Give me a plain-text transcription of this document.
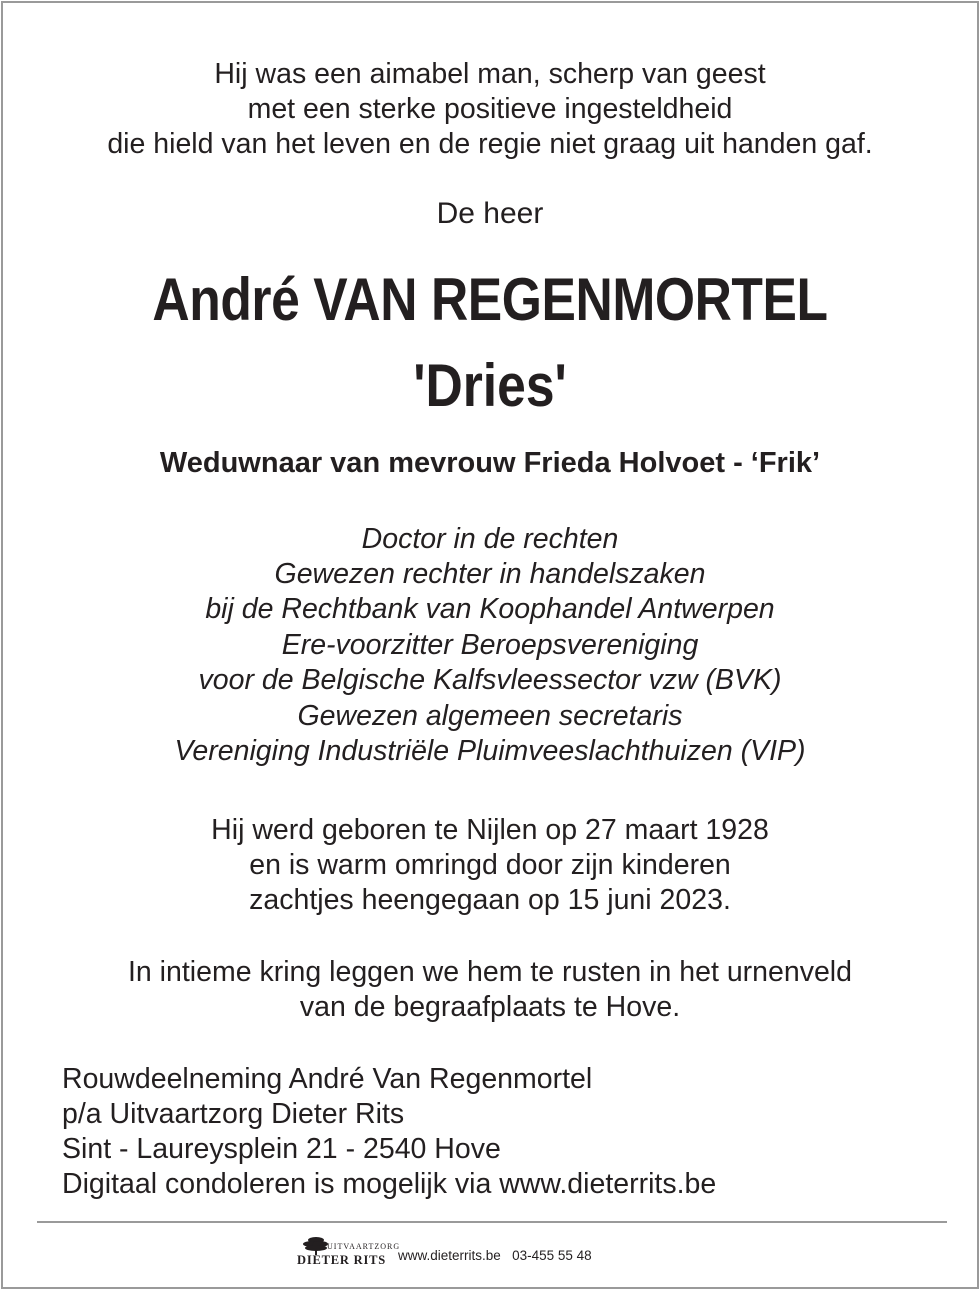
Hij was een aimabel man, scherp van geest
met een sterke positieve ingesteldheid
die hield van het leven en de regie niet graag uit handen gaf.
De heer
André VAN REGENMORTEL
'Dries'
Weduwnaar van mevrouw Frieda Holvoet - ‘Frik’
Doctor in de rechten
Gewezen rechter in handelszaken
bij de Rechtbank van Koophandel Antwerpen
Ere-voorzitter Beroepsvereniging
voor de Belgische Kalfsvleessector vzw (BVK)
Gewezen algemeen secretaris
Vereniging Industriële Pluimveeslachthuizen (VIP)
Hij werd geboren te Nijlen op 27 maart 1928
en is warm omringd door zijn kinderen
zachtjes heengegaan op 15 juni 2023.
In intieme kring leggen we hem te rusten in het urnenveld
van de begraafplaats te Hove.
Rouwdeelneming André Van Regenmortel
p/a Uitvaartzorg Dieter Rits
Sint - Laureysplein 21 - 2540 Hove
Digitaal condoleren is mogelijk via www.dieterrits.be
UITVAARTZORG
DIETER RITS www.dieterrits.be 03-455 55 48
